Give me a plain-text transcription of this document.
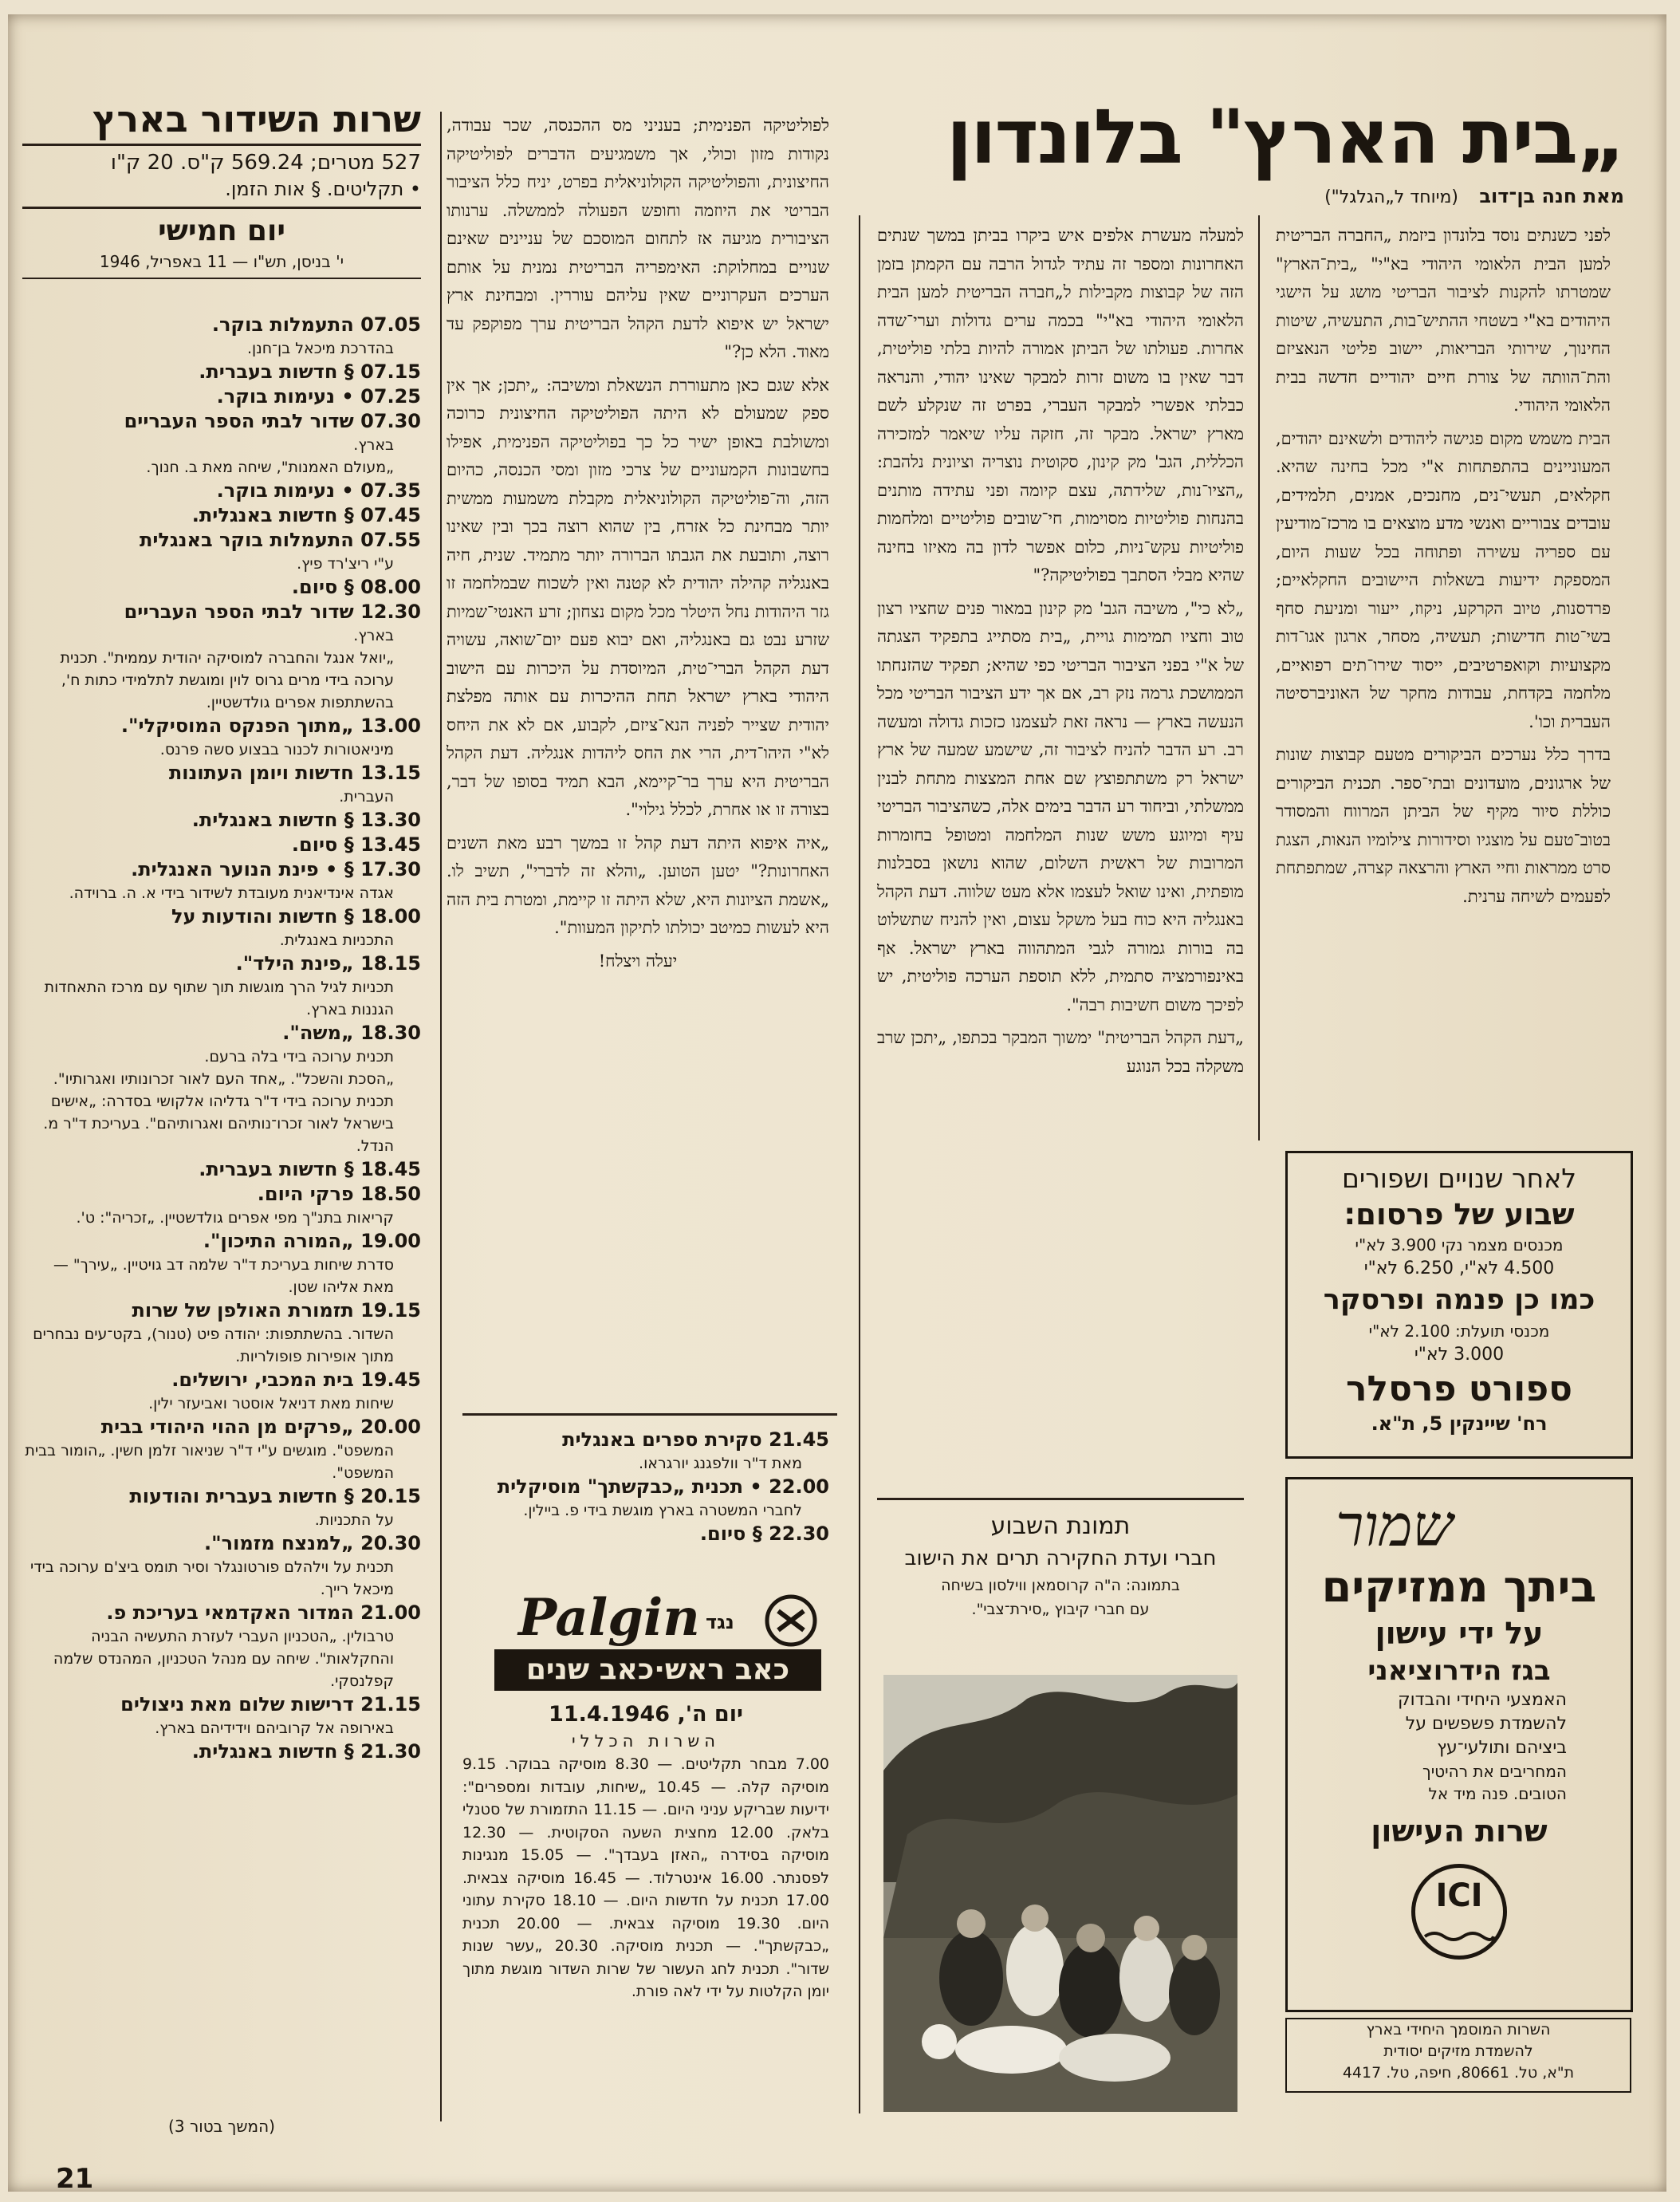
„בית הארץ" בלונדון
מאת חנה בן־דוב (מיוחד ל„הגלגל")

לפני כשנתים נוסד בלונדון ביזמת „החברה הבריטית למען הבית הלאומי היהודי בא"י" „בית־הארץ" שמטרתו להקנות לציבור הבריטי מושג על הישגי היהודים בא"י בשטחי ההתיש־בות, התעשיה, שיטות החינוך, שירותי הבריאות, יישוב פליטי הנאציזם והת־הוותה של צורת חיים יהודיים חדשה בבית הלאומי היהודי.

הבית משמש מקום פגישה ליהודים ולשאינם יהודים, המעוניינים בהתפתחות א"י מכל בחינה שהיא. חקלאים, תעשי־נים, מחנכים, אמנים, תלמידים, עובדים צבוריים ואנשי מדע מוצאים בו מרכז־מודיעין עם ספריה עשירה ופתוחה בכל שעות היום, המספקת ידיעות בשאלות היישובים החקלאיים; פרדסנות, טיוב הקרקע, ניקוז, ייעור ומניעת סחף בשי־טות חדישות; תעשיה, מסחר, ארגון אגו־דות מקצועיות וקואפרטיבים, ייסוד שירו־תים רפואיים, מלחמה בקדחת, עבודות מחקר של האוניברסיטה העברית וכו'.

בדרך כלל נערכים הביקורים מטעם קבוצות שונות של ארגונים, מועדונים ובתי־ספר. תכנית הביקורים כוללת סיור מקיף של הביתן המרווח והמסודר בטוב־טעם על מוצגיו וסידורות צילומיו הנאות, הצגת סרט ממראות וחיי הארץ והרצאה קצרה, שמתפתחת לפעמים לשיחה ערנית.

למעלה מעשרת אלפים איש ביקרו בביתן במשך שנתים האחרונות ומספר זה עתיד לגדול הרבה עם הקמתן בזמן הזה של קבוצות מקבילות ל„חברה הבריטית למען הבית הלאומי היהודי בא"י" בכמה ערים גדולות וערי־שדה אחרות. פעולתו של הביתן אמורה להיות בלתי פוליטית, דבר שאין בו משום זרות למבקר שאינו יהודי, והנראה כבלתי אפשרי למבקר העברי, בפרט זה שנקלע לשם מארץ ישראל. מבקר זה, חזקה עליו שיאמר למזכירה הכללית, הגב' מק קינון, סקוטית נוצריה וציונית נלהבת: „הציו־נות, שלידתה, עצם קיומה ופני עתידה מותנים בהנחות פוליטיות מסוימות, חי־שובים פוליטיים ומלחמות פוליטיות עקש־ניות, כלום אפשר לדון בה מאיזו בחינה שהיא מבלי הסתבך בפוליטיקה?"

„לא כי", משיבה הגב' מק קינון במאור פנים שחציו רצון טוב וחציו תמימות גויית, „בית מסתייג בתפקיד הצגתה של א"י בפני הציבור הבריטי כפי שהיא; תפקיד שהזנחתו הממושכת גרמה נזק רב, אם אך ידע הציבור הבריטי מכל הנעשה בארץ — נראה זאת לעצמנו כזכות גדולה ומעשה רב. רע הדבר להניח לציבור זה, שישמע שמעה של ארץ ישראל רק משתתפוצץ שם אחת המצצות מתחת לבנין ממשלתי, וביחוד רע הדבר בימים אלה, כשהציבור הבריטי עיף ומיוגע משש שנות המלחמה ומטופל בחומרות המרובות של ראשית השלום, שהוא נושאן בסבלנות מופתית, ואינו שואל לעצמו אלא מעט שלווה. דעת הקהל באנגליה היא כוח בעל משקל עצום, ואין להניח שתשלוט בה בורות גמורה לגבי המתהווה בארץ ישראל. אף באינפורמציה סתמית, ללא תוספת הערכה פוליטית, יש לפיכך משום חשיבות רבה".

„דעת הקהל הבריטית" ימשוך המבקר בכתפו, „יתכן שרב משקלה בכל הנוגע

לפוליטיקה הפנימית; בעניני מס ההכנסה, שכר עבודה, נקודות מזון וכולי, אך משמגיעים הדברים לפוליטיקה החיצונית, והפוליטיקה הקולוניאלית בפרט, יניח כלל הציבור הבריטי את היוזמה וחופש הפעולה לממשלה. ערנותו הציבורית מגיעה אז לתחום המוסכם של עניינים שאינם שנויים במחלוקת: האימפריה הבריטית נמנית על אותם הערכים העקרוניים שאין עליהם עוררין. ומבחינת ארץ ישראל יש איפוא לדעת הקהל הבריטית ערך מפוקפק עד מאוד. הלא כן?"

אלא שגם כאן מתעוררת הנשאלת ומשיבה: „יתכן; אך אין ספק שמעולם לא היתה הפוליטיקה החיצונית כרוכה ומשולבת באופן ישיר כל כך בפוליטיקה הפנימית, אפילו בחשבונות הקמעוניים של צרכי מזון ומסי הכנסה, כהיום הזה, וה־פוליטיקה הקולוניאלית מקבלת משמעות ממשית יותר מבחינת כל אזרח, בין שהוא רוצה בכך ובין שאינו רוצה, ותובעת את הגבתו הברורה יותר מתמיד. שנית, חיה באנגליה קהילה יהודית לא קטנה ואין לשכוח שבמלחמה זו גזר היהודות נחל היטלר מכל מקום נצחון; זרע האנטי־שמיות שזרע נבט גם באנגליה, ואם יבוא פעם יום־שואה, עשויה דעת הקהל הברי־טית, המיוסדת על היכרות עם הישוב היהודי בארץ ישראל תחת ההיכרות עם אותה מפלצת יהודית שצייר לפניה הנא־ציזם, לקבוע, אם לא את היחס לא"י היהו־דית, הרי את החס ליהדות אנגליה. דעת הקהל הבריטית היא ערך בר־קיימא, הבא תמיד בסופו של דבר, בצורה זו או אחרת, לכלל גילוי".

„איה איפוא היתה דעת קהל זו במשך רבע מאת השנים האחרונות?" יטען הטוען. „והלא זה לדברי", תשיב לו. „אשמת הציונות היא, שלא היתה זו קיימת, ומטרת בית הזה היא לעשות כמיטב יכולתו לתיקון המעוות".

יעלה ויצלח!

לאחר שנויים ושפורים
שבוע של פרסום:
מכנסים מצמר נקי 3.900 לא"י
4.500 לא"י, 6.250 לא"י
כמו כן פנמה ופרסקר
מכנסי תועלת: 2.100 לא"י
3.000 לא"י
ספורט פרסלר
רח' שיינקין 5, ת"א.
שמור
ביתך ממזיקים
על ידי עישון
בגז הידרוציאני
האמצעי היחידי והבדוק
להשמדת פשפשים על
ביציהם ותולעי־עץ
המחריבים את רהיטיך
הטובים. פנה מיד אל
שרות העישון
ICI
השרות המוסמך היחידי בארץ
להשמדת מזיקים יסודית
ת"א, טל. 80661, חיפה, טל. 4417
תמונת השבוע
חברי ועדת החקירה תרים את הישוב
בתמונה: ה"ה קרוסמאן ווילסון בשיחה
עם חברי קיבוץ „סירת־צבי".
שרות השידור בארץ
527 מטרים; 569.24 ק"ס. 20 ק"ו
• תקליטים. § אות הזמן.
יום חמישי
י' בניסן, תש"ו — 11 באפריל, 1946
07.05 התעמלות בוקר.
בהדרכת מיכאל בן־חנן.
07.15 § חדשות בעברית.
07.25 • נעימות בוקר.
07.30 שדור לבתי הספר העבריים
בארץ.
„מעולם האמנות", שיחה מאת ב. חנוך.
07.35 • נעימות בוקר.
07.45 § חדשות באנגלית.
07.55 התעמלות בוקר באנגלית
ע"י ריצ'רד פיץ.
08.00 § סיום.
12.30 שדור לבתי הספר העבריים
בארץ.
„יואל אנגל והחברה למוסיקה יהודית עממית". תכנית ערוכה בידי מרים גרוס לוין ומוגשת לתלמידי כתות ח', בהשתתפות אפרים גולדשטיין.
13.00 „מתוך הפנקס המוסיקלי".
מיניאטורות לכנור בבצוע סשה פרנס.
13.15 חדשות ויומן העתונות
העברית.
13.30 § חדשות באנגלית.
13.45 § סיום.
17.30 § • פינת הנוער האנגלית.
אגדה אינדיאנית מעובדת לשידור בידי א. ה. ברוידה.
18.00 § חדשות והודעות על
התכניות באנגלית.
18.15 „פינת הילד".
תכניות לגיל הרך מוגשות תוך שתוף עם מרכז התאחדות הגננות בארץ.
18.30 „משה".
תכנית ערוכה בידי בלה ברעם.
„הסכת והשכל". „אחד העם לאור זכרונותיו ואגרותיו". תכנית ערוכה בידי ד"ר גדליהו אלקושי בסדרה: „אישים בישראל לאור זכרו־נותיהם ואגרותיהם". בעריכת ד"ר מ. הנדל.
18.45 § חדשות בעברית.
18.50 פרקי היום.
קריאות בתנ"ך מפי אפרים גולדשטיין. „זכריה": ט'.
19.00 „המורה התיכון".
סדרת שיחות בעריכת ד"ר שלמה דב גויטיין. „עירך" — מאת אליהו שטן.
19.15 תזמורת האולפן של שרות
השדור. בהשתתפות: יהודה פיט (טנור), בקט־עים נבחרים מתוך אופירות פופולריות.
19.45 בית המכבי, ירושלים.
שיחות מאת דניאל אוסטר ואביעזר ילין.
20.00 „פרקים מן ההוי היהודי בבית
המשפט". מוגשים ע"י ד"ר שניאור זלמן חשין. „הומור בבית המשפט".
20.15 § חדשות בעברית והודעות
על התכניות.
20.30 „למנצח מזמור".
תכנית על וילהלם פורטונגלר וסיר תומס ביצ'ם ערוכה בידי מיכאל רייך.
21.00 המדור האקדמאי בעריכת פ.
טרבולין. „הטכניון העברי לעזרת התעשיה הבניה והחקלאות". שיחה עם מנהל הטכניון, המהנדס שלמה קפלנסקי.
21.15 דרישות שלום מאת ניצולים
באירופה אל קרוביהם וידידיהם בארץ.
21.30 § חדשות באנגלית.
(המשך בטור 3)
21.45 סקירת ספרים באנגלית
מאת ד"ר וולפגנג יורגראו.
22.00 • תכנית „כבקשתך" מוסיקלית
לחברי המשטרה בארץ מוגשת בידי פ. ביילין.
22.30 § סיום.
Palgin נגד
כאב ראש·כאב שנים
יום ה', 11.4.1946
השרות הכללי
7.00 מבחר תקליטים. — 8.30 מוסיקה בבוקר. 9.15 מוסיקה קלה. — 10.45 „שיחות, עובדות ומספרים": ידיעות שבריקע עניני היום. — 11.15 התזמורת של סטנלי בלאק. 12.00 מחצית השעה הסקוטית. — 12.30 מוסיקה בסידרה „האזן בעבדך". — 15.05 מנגינות לפסנתר. 16.00 אינטרלוד. — 16.45 מוסיקה צבאית. 17.00 תכנית על חדשות היום. — 18.10 סקירת עתוני היום. 19.30 מוסיקה צבאית. — 20.00 תכנית „כבקשתך". — תכנית מוסיקה. 20.30 „עשר שנות שדור". תכנית לחג העשור של שרות השדור מוגשת מתוך יומן הקלטות על ידי לאה פורת.
21
